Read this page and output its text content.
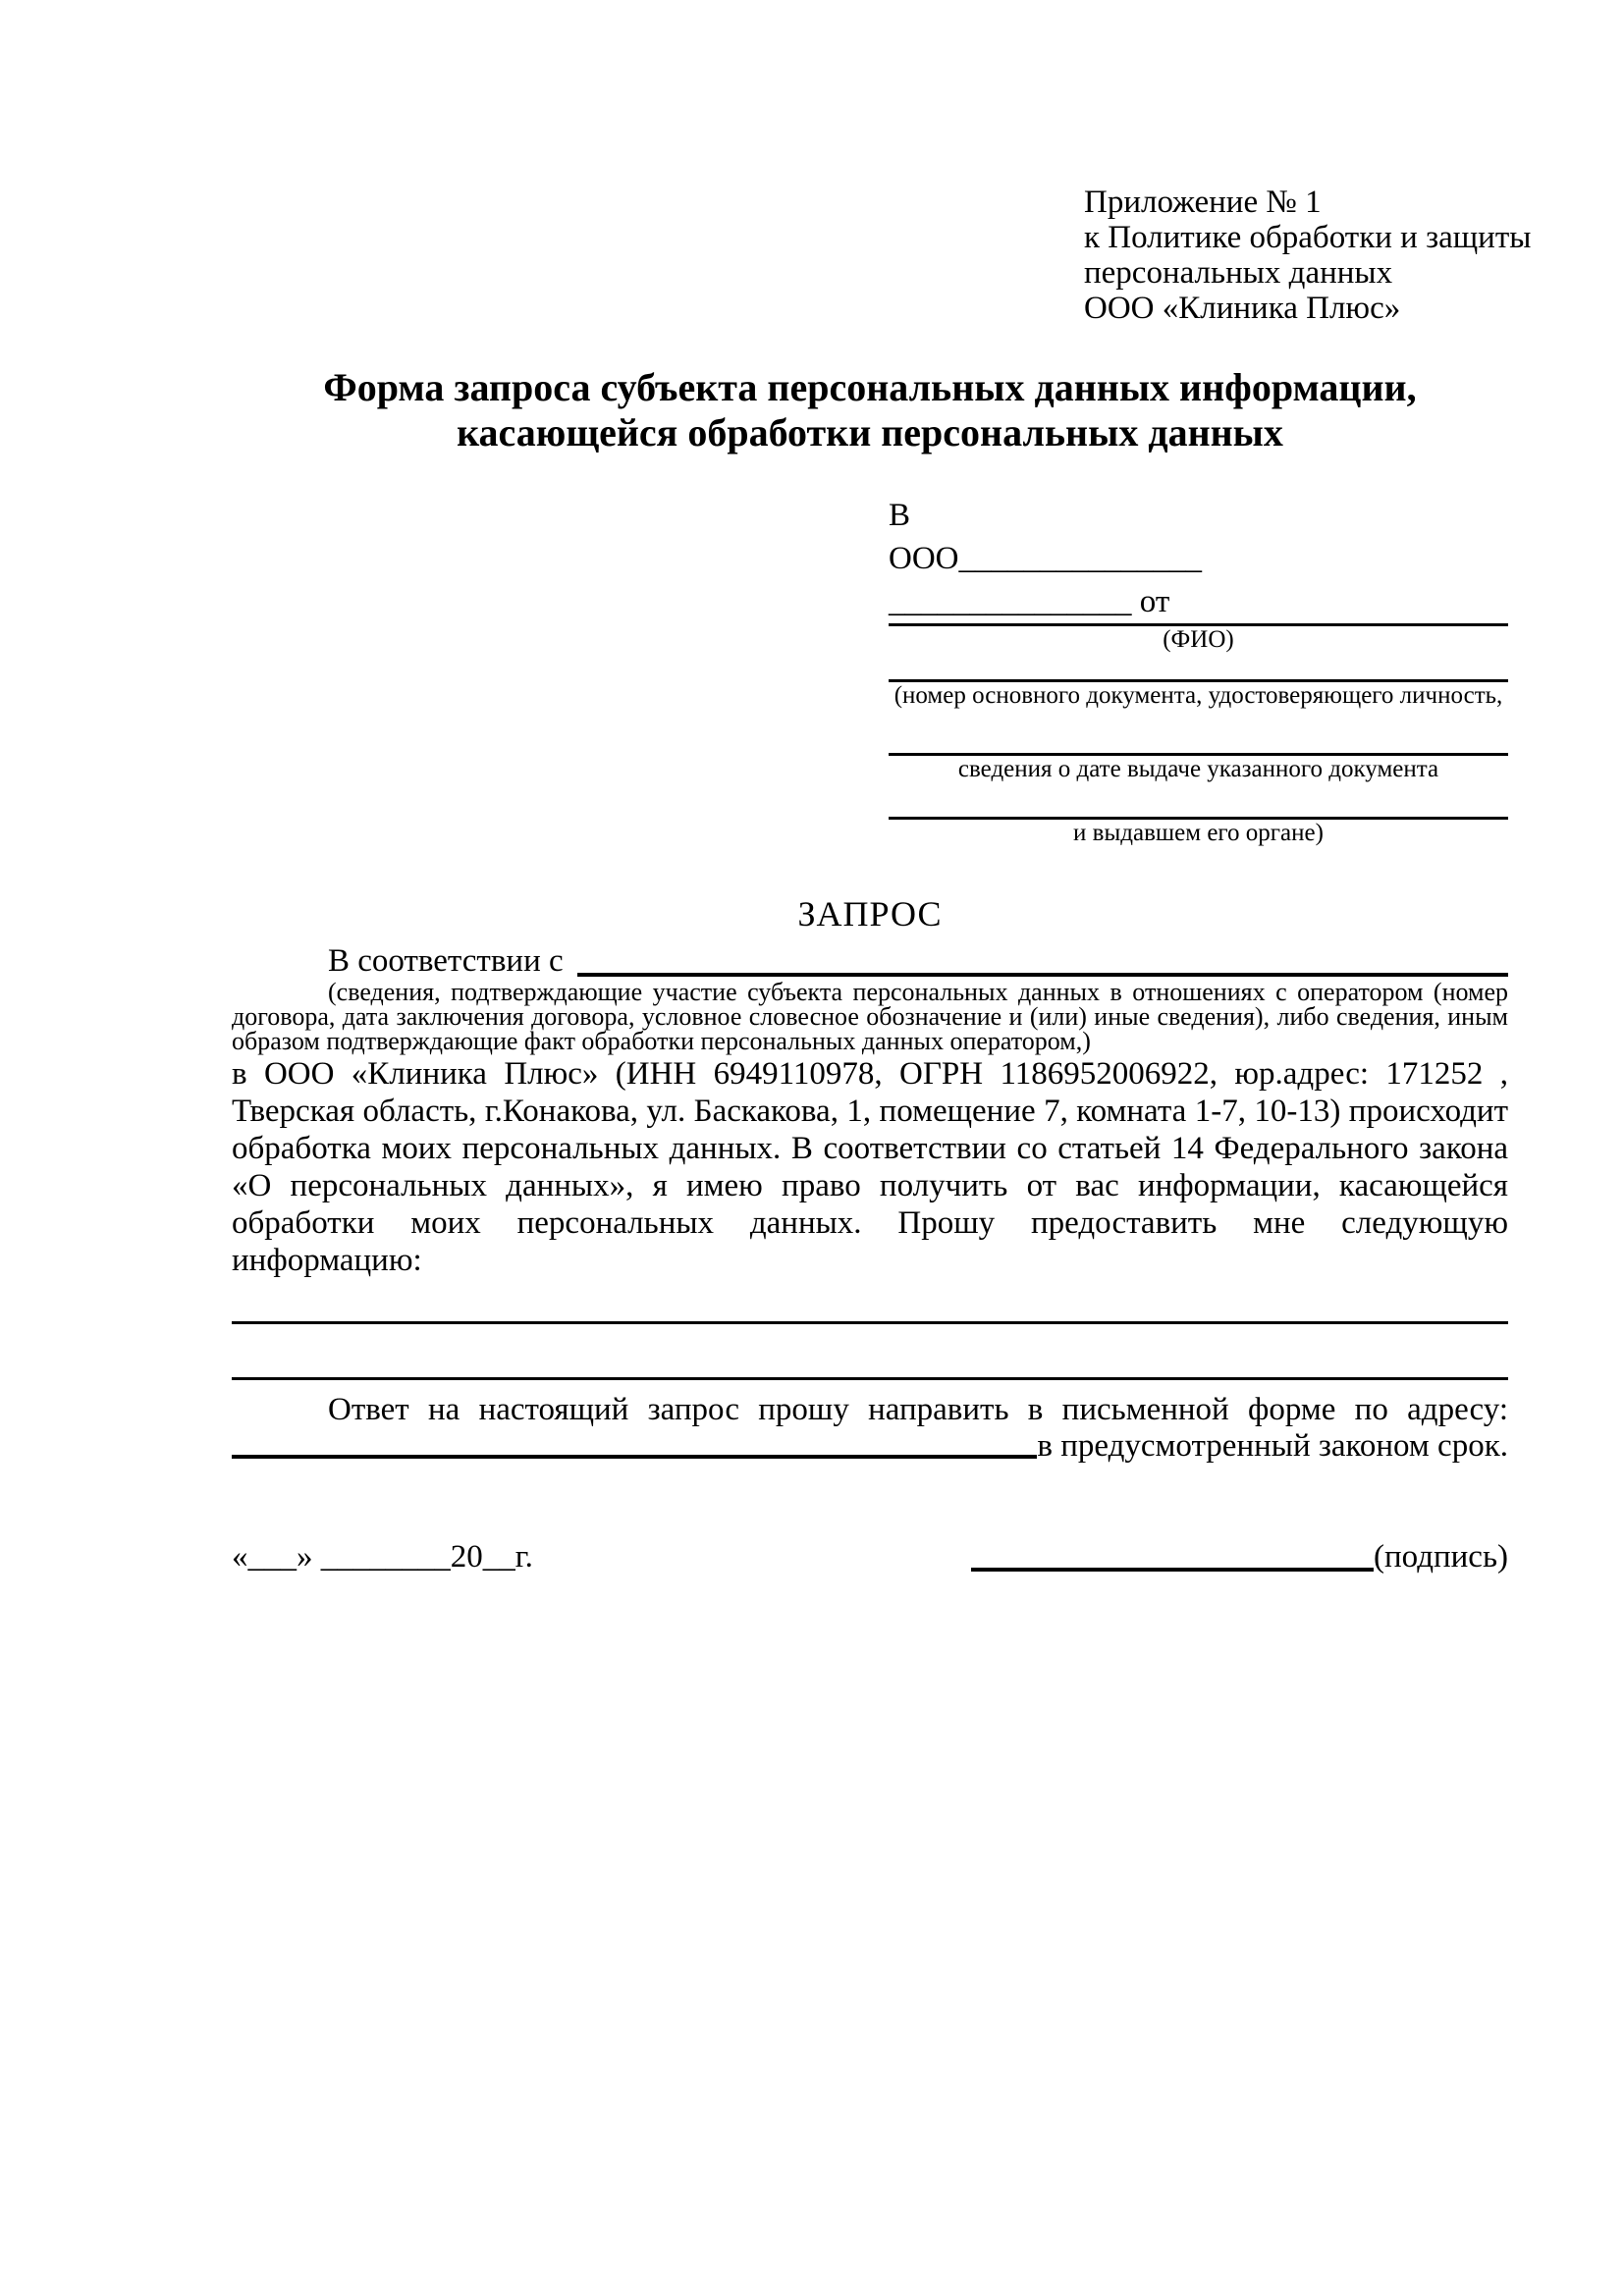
Приложение № 1
к Политике обработки и защиты
персональных данных
ООО «Клиника Плюс»
Форма запроса субъекта персональных данных информации,
касающейся обработки персональных данных
В
ООО_______________
_______________ от
(ФИО)
(номер основного документа, удостоверяющего личность,
сведения о дате выдаче указанного документа
и выдавшем его органе)
ЗАПРОС
В соответствии с
(сведения, подтверждающие участие субъекта персональных данных в отношениях с оператором (номер договора, дата заключения договора, условное словесное обозначение и (или) иные сведения), либо сведения, иным образом подтверждающие факт обработки персональных данных оператором,)
в ООО «Клиника Плюс» (ИНН 6949110978, ОГРН 1186952006922, юр.адрес: 171252 , Тверская область, г.Конакова, ул. Баскакова, 1, помещение 7, комната 1-7, 10-13) происходит обработка моих персональных данных. В соответствии со статьей 14 Федерального закона «О персональных данных», я имею право получить от вас информации, касающейся обработки моих персональных данных. Прошу предоставить мне следующую информацию:
Ответ на настоящий запрос прошу направить в письменной форме по адресу:
в предусмотренный законом срок.
«___» ________20__г.	(подпись)
